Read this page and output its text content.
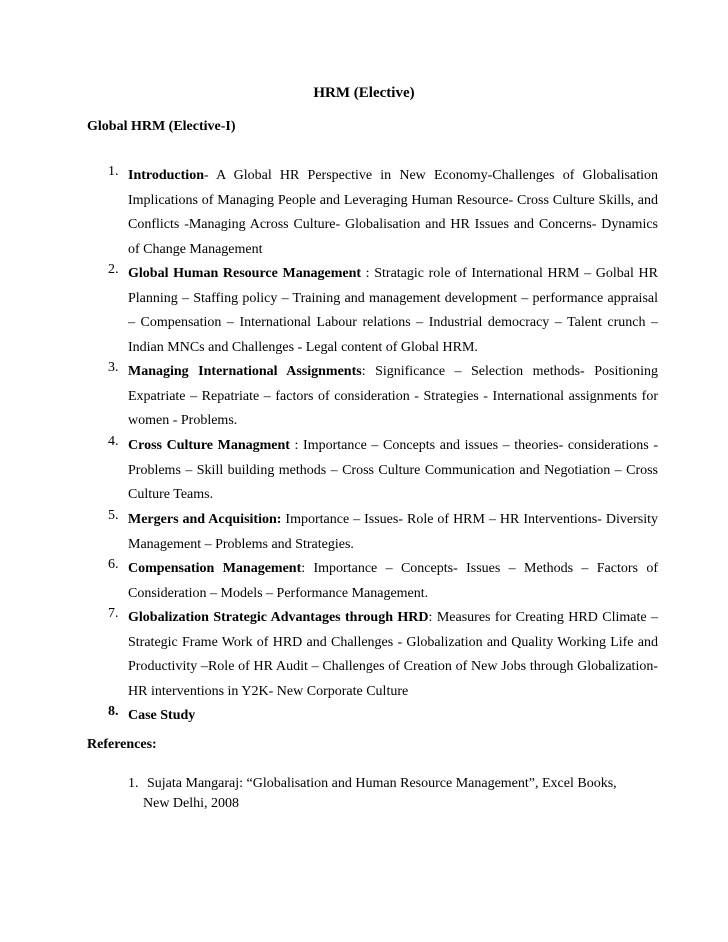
HRM (Elective)
Global HRM (Elective-I)
1. Introduction- A Global HR Perspective in New Economy-Challenges of Globalisation Implications of Managing People and Leveraging Human Resource- Cross Culture Skills, and Conflicts -Managing Across Culture- Globalisation and HR Issues and Concerns- Dynamics of Change Management
2. Global Human Resource Management : Stratagic role of International HRM – Golbal HR Planning – Staffing policy – Training and management development – performance appraisal – Compensation – International Labour relations – Industrial democracy – Talent crunch – Indian MNCs and Challenges - Legal content of Global HRM.
3. Managing International Assignments: Significance – Selection methods- Positioning Expatriate – Repatriate – factors of consideration - Strategies - International assignments for women - Problems.
4. Cross Culture Managment : Importance – Concepts and issues – theories- considerations - Problems – Skill building methods – Cross Culture Communication and Negotiation – Cross Culture Teams.
5. Mergers and Acquisition: Importance – Issues- Role of HRM – HR Interventions- Diversity Management – Problems and Strategies.
6. Compensation Management: Importance – Concepts- Issues – Methods – Factors of Consideration – Models – Performance Management.
7. Globalization Strategic Advantages through HRD: Measures for Creating HRD Climate – Strategic Frame Work of HRD and Challenges - Globalization and Quality Working Life and Productivity –Role of HR Audit – Challenges of Creation of New Jobs through Globalization- HR interventions in Y2K- New Corporate Culture
8. Case Study
References:
1. Sujata Mangaraj: “Globalisation and Human Resource Management”, Excel Books,
New Delhi, 2008
